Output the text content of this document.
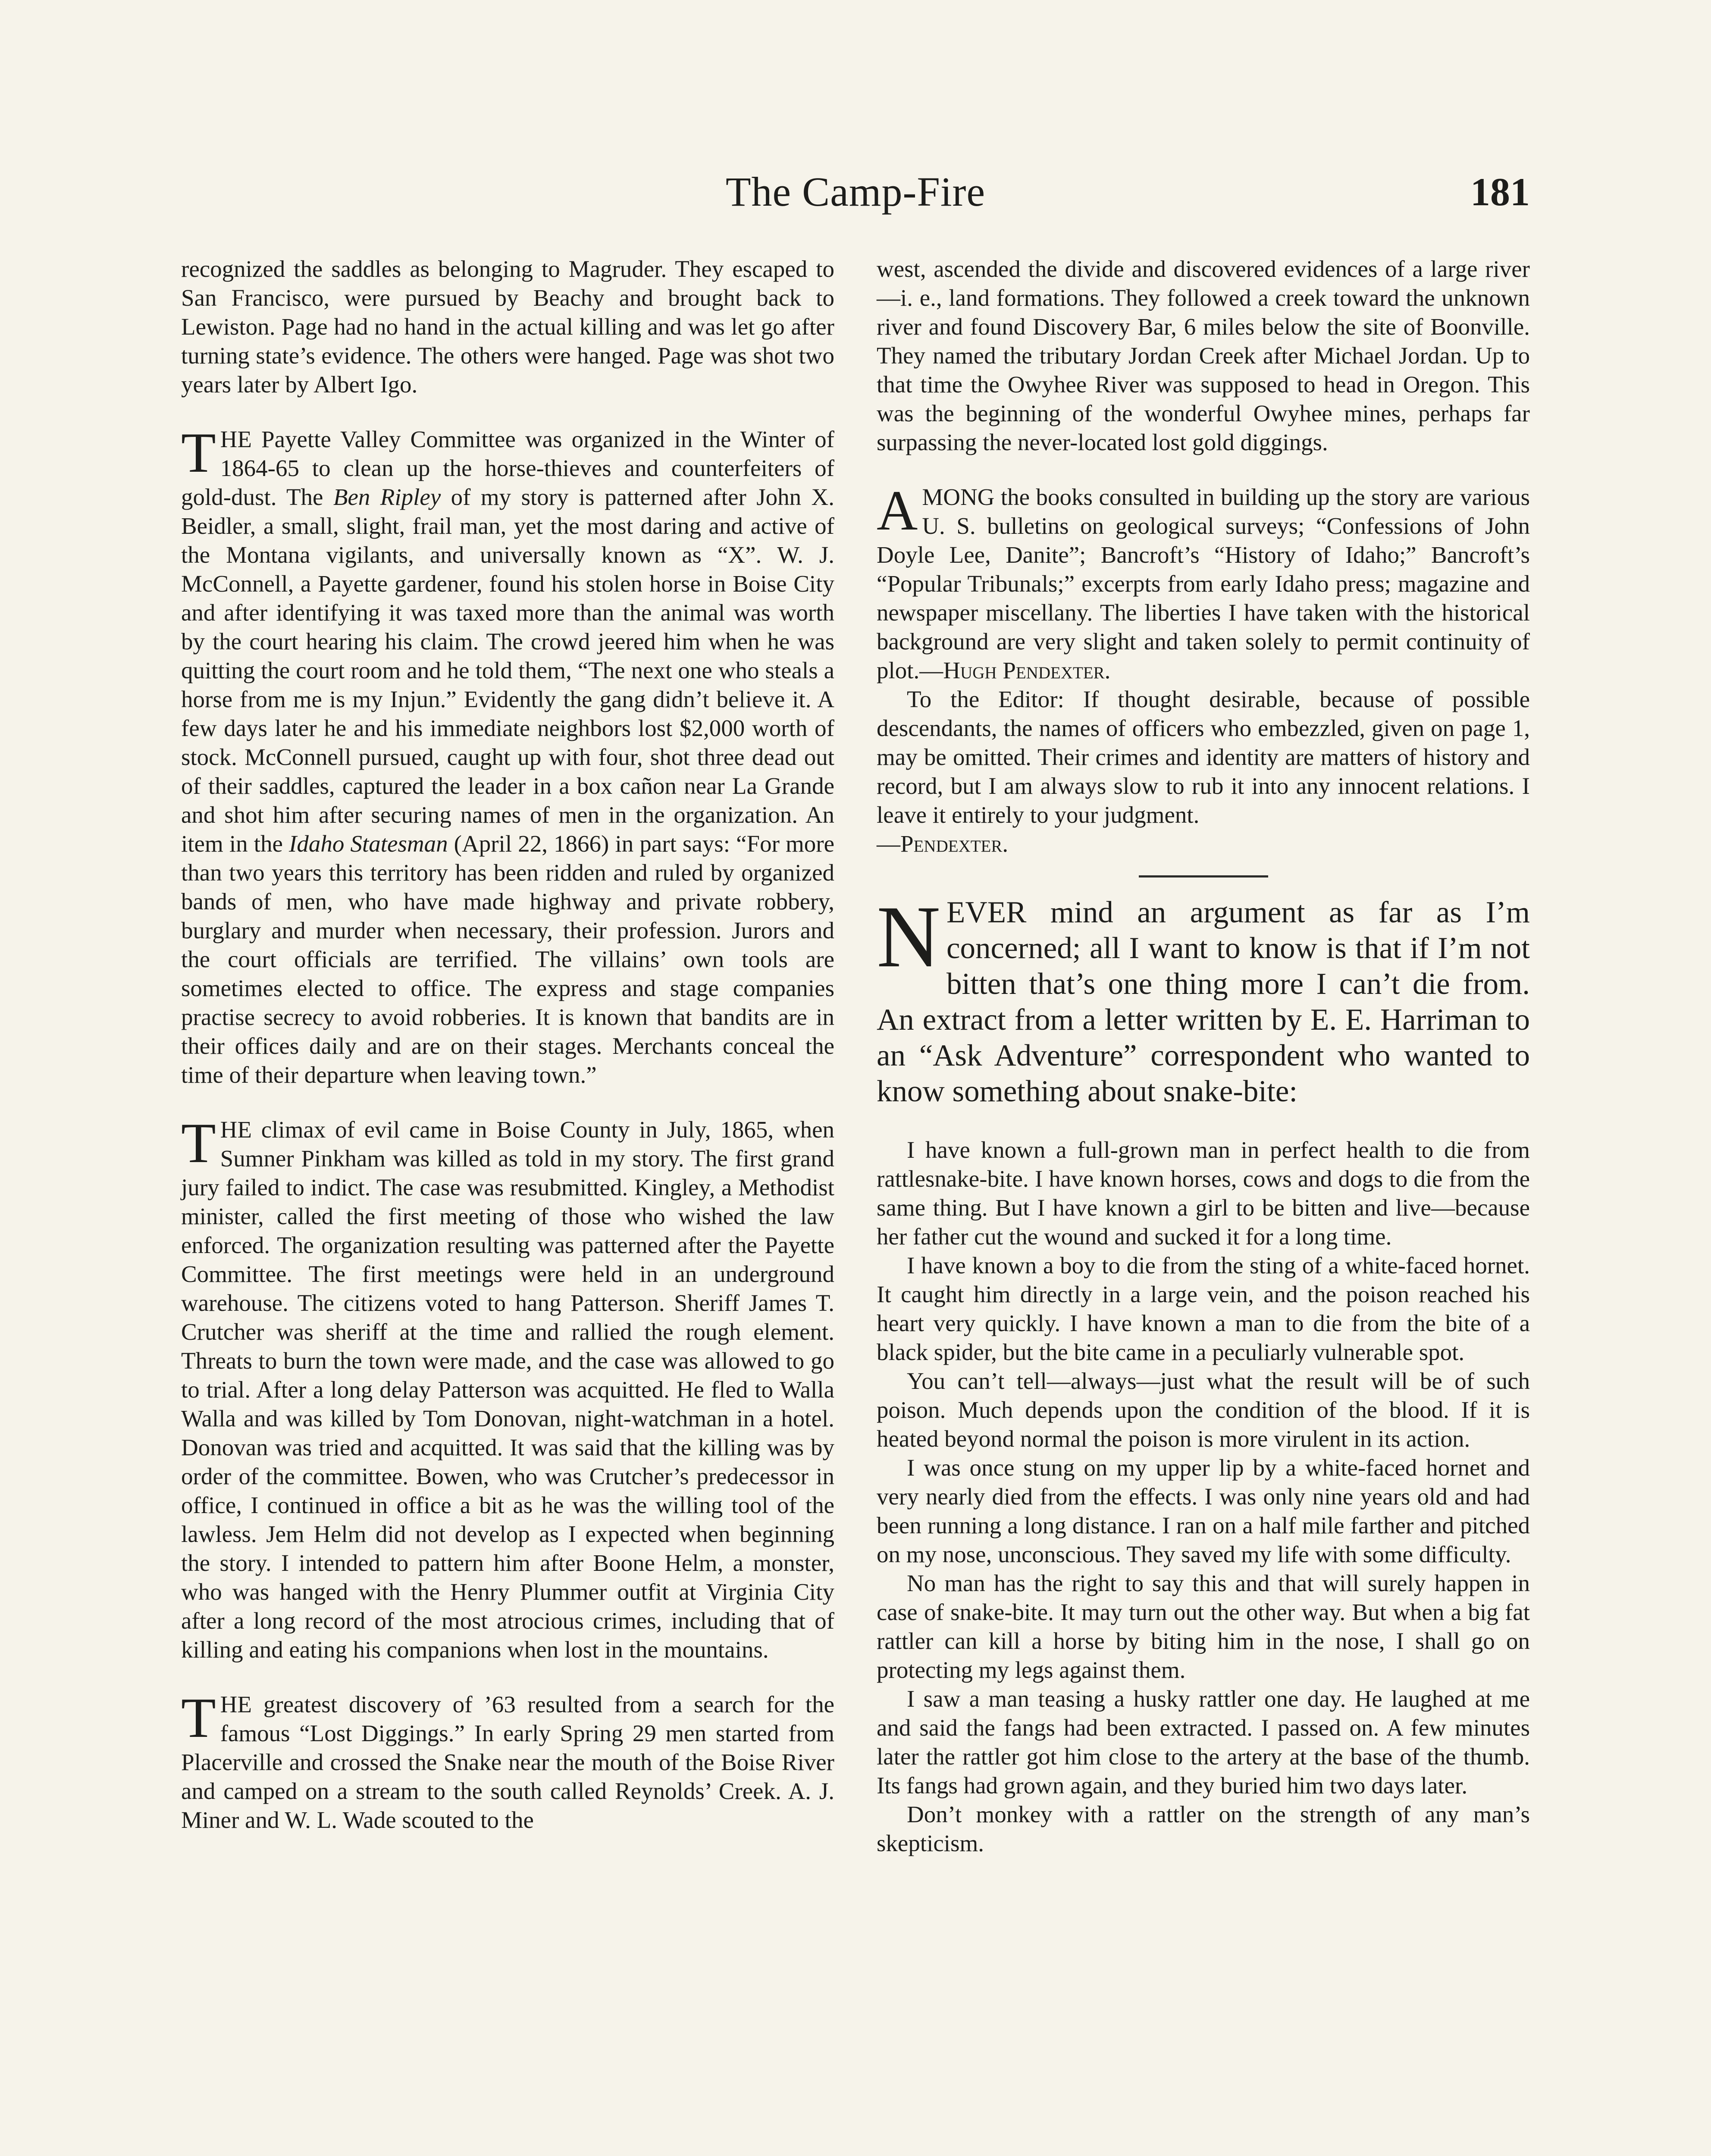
The Camp-Fire	181

recognized the saddles as belonging to Magruder. They escaped to San Francisco, were pursued by Beachy and brought back to Lewiston. Page had no hand in the actual killing and was let go after turning state’s evidence. The others were hanged. Page was shot two years later by Albert Igo.

THE Payette Valley Committee was organized in the Winter of 1864-65 to clean up the horse-thieves and counterfeiters of gold-dust. The Ben Ripley of my story is patterned after John X. Beidler, a small, slight, frail man, yet the most daring and active of the Montana vigilants, and universally known as “X”. W. J. McConnell, a Payette gardener, found his stolen horse in Boise City and after identifying it was taxed more than the animal was worth by the court hearing his claim. The crowd jeered him when he was quitting the court room and he told them, “The next one who steals a horse from me is my Injun.” Evidently the gang didn’t believe it. A few days later he and his immediate neighbors lost $2,000 worth of stock. McConnell pursued, caught up with four, shot three dead out of their saddles, captured the leader in a box cañon near La Grande and shot him after securing names of men in the organization. An item in the Idaho Statesman (April 22, 1866) in part says: “For more than two years this territory has been ridden and ruled by organized bands of men, who have made highway and private robbery, burglary and murder when necessary, their profession. Jurors and the court officials are terrified. The villains’ own tools are sometimes elected to office. The express and stage companies practise secrecy to avoid robberies. It is known that bandits are in their offices daily and are on their stages. Merchants conceal the time of their departure when leaving town.”

THE climax of evil came in Boise County in July, 1865, when Sumner Pinkham was killed as told in my story. The first grand jury failed to indict. The case was resubmitted. Kingley, a Methodist minister, called the first meeting of those who wished the law enforced. The organization resulting was patterned after the Payette Committee. The first meetings were held in an underground warehouse. The citizens voted to hang Patterson. Sheriff James T. Crutcher was sheriff at the time and rallied the rough element. Threats to burn the town were made, and the case was allowed to go to trial. After a long delay Patterson was acquitted. He fled to Walla Walla and was killed by Tom Donovan, night-watchman in a hotel. Donovan was tried and acquitted. It was said that the killing was by order of the committee. Bowen, who was Crutcher’s predecessor in office, I continued in office a bit as he was the willing tool of the lawless. Jem Helm did not develop as I expected when beginning the story. I intended to pattern him after Boone Helm, a monster, who was hanged with the Henry Plummer outfit at Virginia City after a long record of the most atrocious crimes, including that of killing and eating his companions when lost in the mountains.

THE greatest discovery of ’63 resulted from a search for the famous “Lost Diggings.” In early Spring 29 men started from Placerville and crossed the Snake near the mouth of the Boise River and camped on a stream to the south called Reynolds’ Creek. A. J. Miner and W. L. Wade scouted to the

west, ascended the divide and discovered evidences of a large river—i. e., land formations. They followed a creek toward the unknown river and found Discovery Bar, 6 miles below the site of Boonville. They named the tributary Jordan Creek after Michael Jordan. Up to that time the Owyhee River was supposed to head in Oregon. This was the beginning of the wonderful Owyhee mines, perhaps far surpassing the never-located lost gold diggings.

AMONG the books consulted in building up the story are various U. S. bulletins on geological surveys; “Confessions of John Doyle Lee, Danite”; Bancroft’s “History of Idaho;” Bancroft’s “Popular Tribunals;” excerpts from early Idaho press; magazine and newspaper miscellany. The liberties I have taken with the historical background are very slight and taken solely to permit continuity of plot.—Hugh Pendexter.

To the Editor: If thought desirable, because of possible descendants, the names of officers who embezzled, given on page 1, may be omitted. Their crimes and identity are matters of history and record, but I am always slow to rub it into any innocent relations. I leave it entirely to your judgment.
—Pendexter.

NEVER mind an argument as far as I’m concerned; all I want to know is that if I’m not bitten that’s one thing more I can’t die from. An extract from a letter written by E. E. Harriman to an “Ask Adventure” correspondent who wanted to know something about snake-bite:

I have known a full-grown man in perfect health to die from rattlesnake-bite. I have known horses, cows and dogs to die from the same thing. But I have known a girl to be bitten and live—because her father cut the wound and sucked it for a long time.

I have known a boy to die from the sting of a white-faced hornet. It caught him directly in a large vein, and the poison reached his heart very quickly. I have known a man to die from the bite of a black spider, but the bite came in a peculiarly vulnerable spot.

You can’t tell—always—just what the result will be of such poison. Much depends upon the condition of the blood. If it is heated beyond normal the poison is more virulent in its action.

I was once stung on my upper lip by a white-faced hornet and very nearly died from the effects. I was only nine years old and had been running a long distance. I ran on a half mile farther and pitched on my nose, unconscious. They saved my life with some difficulty.

No man has the right to say this and that will surely happen in case of snake-bite. It may turn out the other way. But when a big fat rattler can kill a horse by biting him in the nose, I shall go on protecting my legs against them.

I saw a man teasing a husky rattler one day. He laughed at me and said the fangs had been extracted. I passed on. A few minutes later the rattler got him close to the artery at the base of the thumb. Its fangs had grown again, and they buried him two days later.

Don’t monkey with a rattler on the strength of any man’s skepticism.
